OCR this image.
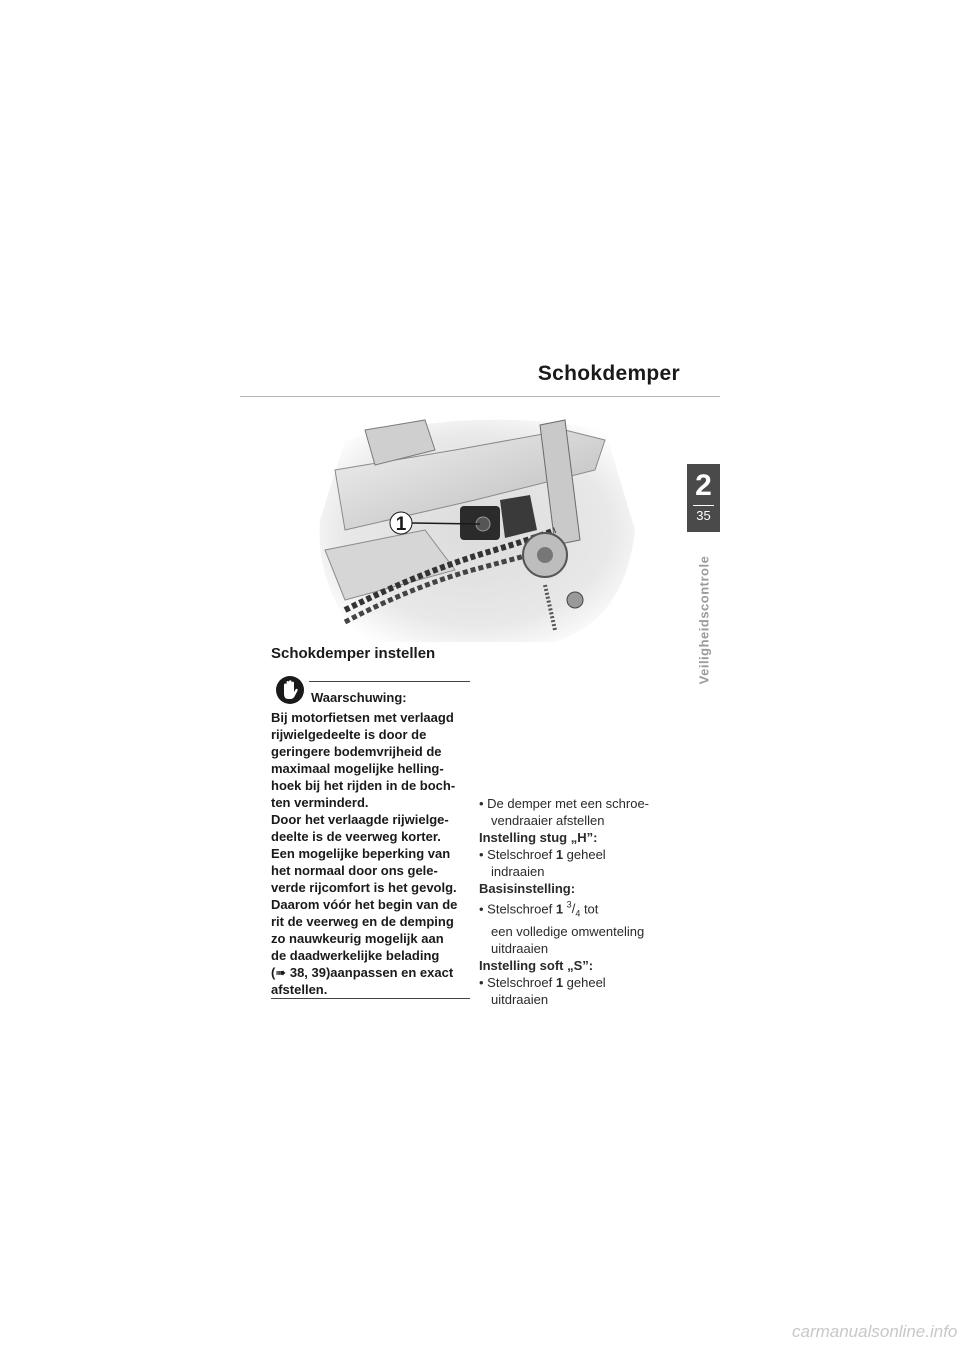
Schokdemper
2
35
Veiligheidscontrole
1
Schokdemper instellen
Waarschuwing:

Bij motorfietsen met verlaagd

rijwielgedeelte is door de

geringere bodemvrijheid de

maximaal mogelijke helling-

hoek bij het rijden in de boch-

ten verminderd.

Door het verlaagde rijwielge-

deelte is de veerweg korter.

Een mogelijke beperking van

het normaal door ons gele-

verde rijcomfort is het gevolg.

Daarom vóór het begin van de

rit de veerweg en de demping

zo nauwkeurig mogelijk aan

de daadwerkelijke belading

(➠ 38, 39)aanpassen en exact

afstellen.

• De demper met een schroe-

vendraaier afstellen

Instelling stug „H”:

• Stelschroef 1 geheel

indraaien

Basisinstelling:

• Stelschroef 1 $^3/_4$ tot

een volledige omwenteling

uitdraaien

Instelling soft „S”:

• Stelschroef 1 geheel

uitdraaien

carmanualsonline.info
